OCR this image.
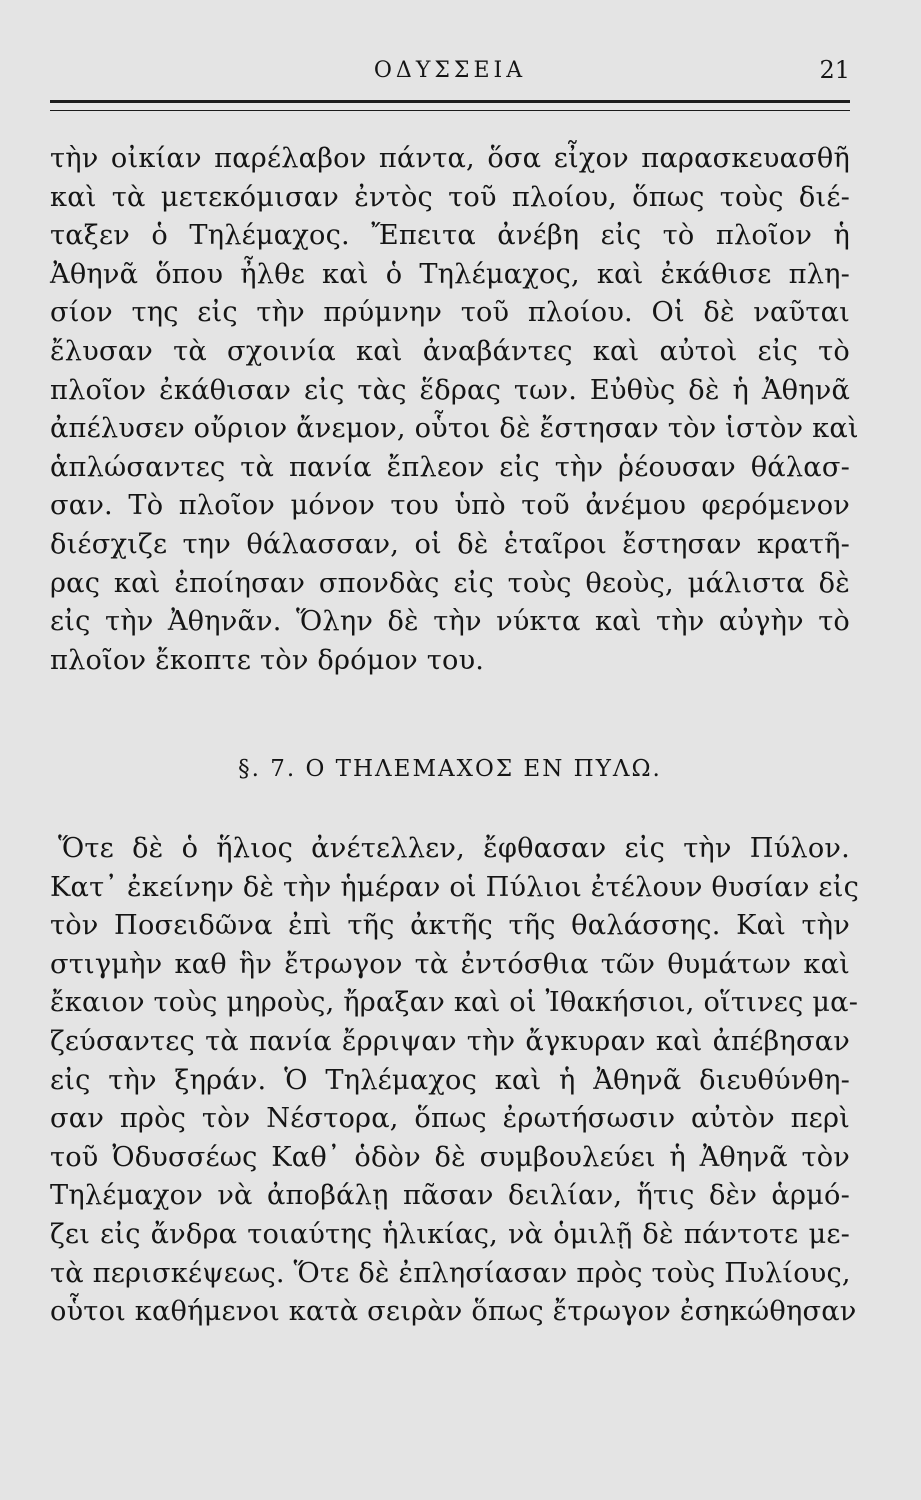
ΟΔΥΣΣΕΙΑ	21
τὴν οἰκίαν παρέλαβον πάντα, ὅσα εἶχον παρασκευασθῆ
καὶ τὰ μετεκόμισαν ἐντὸς τοῦ πλοίου, ὅπως τοὺς διέ-
ταξεν ὁ Τηλέμαχος. Ἔπειτα ἀνέβη εἰς τὸ πλοῖον ἡ
Ἀθηνᾶ ὅπου ἦλθε καὶ ὁ Τηλέμαχος, καὶ ἐκάθισε πλη-
σίον της εἰς τὴν πρύμνην τοῦ πλοίου. Οἱ δὲ ναῦται
ἔλυσαν τὰ σχοινία καὶ ἀναβάντες καὶ αὐτοὶ εἰς τὸ
πλοῖον ἐκάθισαν εἰς τὰς ἕδρας των. Εὐθὺς δὲ ἡ Ἀθηνᾶ
ἀπέλυσεν οὔριον ἄνεμον, οὗτοι δὲ ἔστησαν τὸν ἱστὸν καὶ
ἁπλώσαντες τὰ πανία ἔπλεον εἰς τὴν ῥέουσαν θάλασ-
σαν. Τὸ πλοῖον μόνον του ὑπὸ τοῦ ἀνέμου φερόμενον
διέσχιζε την θάλασσαν, οἱ δὲ ἑταῖροι ἔστησαν κρατῆ-
ρας καὶ ἐποίησαν σπονδὰς εἰς τοὺς θεοὺς, μάλιστα δὲ
εἰς τὴν Ἀθηνᾶν. Ὅλην δὲ τὴν νύκτα καὶ τὴν αὐγὴν τὸ
πλοῖον ἔκοπτε τὸν δρόμον του.
§. 7. Ο ΤΗΛΕΜΑΧΟΣ ΕΝ ΠΥΛΩ.
Ὅτε δὲ ὁ ἥλιος ἀνέτελλεν, ἔφθασαν εἰς τὴν Πύλον.
Κατ᾽ ἐκείνην δὲ τὴν ἡμέραν οἱ Πύλιοι ἐτέλουν θυσίαν εἰς
τὸν Ποσειδῶνα ἐπὶ τῆς ἀκτῆς τῆς θαλάσσης. Καὶ τὴν
στιγμὴν καθ ἣν ἔτρωγον τὰ ἐντόσθια τῶν θυμάτων καὶ
ἔκαιον τοὺς μηροὺς, ἤραξαν καὶ οἱ Ἰθακήσιοι, οἵτινες μα-
ζεύσαντες τὰ πανία ἔρριψαν τὴν ἄγκυραν καὶ ἀπέβησαν
εἰς τὴν ξηράν. Ὁ Τηλέμαχος καὶ ἡ Ἀθηνᾶ διευθύνθη-
σαν πρὸς τὸν Νέστορα, ὅπως ἐρωτήσωσιν αὐτὸν περὶ
τοῦ Ὀδυσσέως Καθ᾽ ὁδὸν δὲ συμβουλεύει ἡ Ἀθηνᾶ τὸν
Τηλέμαχον νὰ ἀποβάλῃ πᾶσαν δειλίαν, ἥτις δὲν ἁρμό-
ζει εἰς ἄνδρα τοιαύτης ἡλικίας, νὰ ὁμιλῇ δὲ πάντοτε με-
τὰ περισκέψεως. Ὅτε δὲ ἐπλησίασαν πρὸς τοὺς Πυλίους,
οὗτοι καθήμενοι κατὰ σειρὰν ὅπως ἔτρωγον ἐσηκώθησαν
